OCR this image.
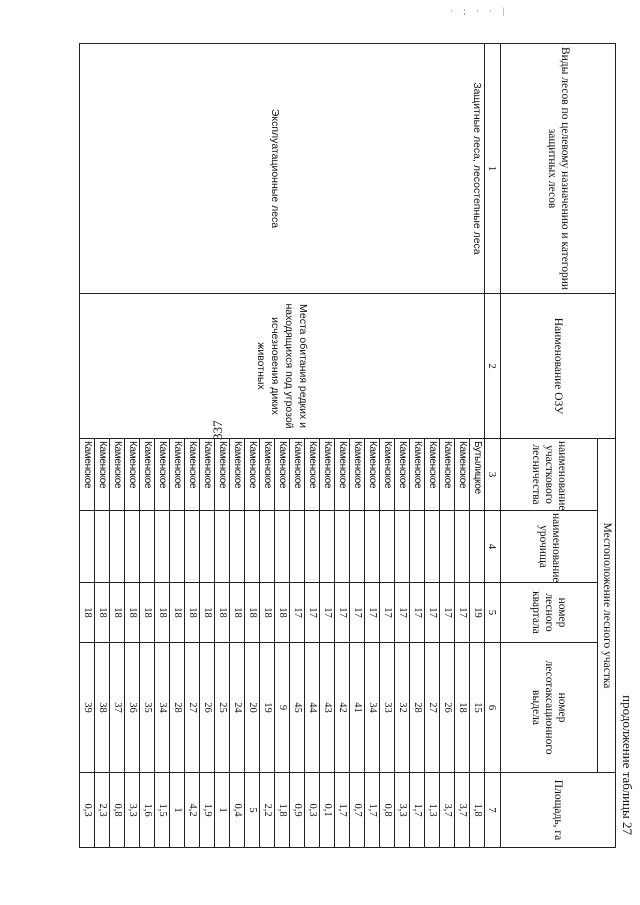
337
· ; · · |
продолжение таблицы 27
Виды лесов по целевому назначению и категории защитных лесов	Наименование ОЗУ	Местоположение лесного участка				Площадь, га
		наименование участкового лесничества	наименование урочища	номер лесного квартала	номер лесотаксационного выдела	
1	2	3	4	5	6	7
Защитные леса, лесостепные леса	Места обитания редких и находящихся под угрозой исчезновения диких животных	Бутылицкое		19	15	1,8
Эксплуатационные леса		Каменское		17	18	3,7
		Каменское		17	26	3,7
		Каменское		17	27	1,3
		Каменское		17	28	1,7
		Каменское		17	32	3,3
		Каменское		17	33	0,8
		Каменское		17	34	1,7
		Каменское		17	41	0,7
		Каменское		17	42	1,7
		Каменское		17	43	0,1
		Каменское		17	44	0,3
		Каменское		17	45	0,9
		Каменское		18	9	1,8
		Каменское		18	19	2,2
		Каменское		18	20	5
		Каменское		18	24	0,4
		Каменское		18	25	1
		Каменское		18	26	1,9
		Каменское		18	27	4,2
		Каменское		18	28	1
		Каменское		18	34	1,5
		Каменское		18	35	1,6
		Каменское		18	36	3,3
		Каменское		18	37	0,8
		Каменское		18	38	2,3
		Каменское		18	39	0,3
